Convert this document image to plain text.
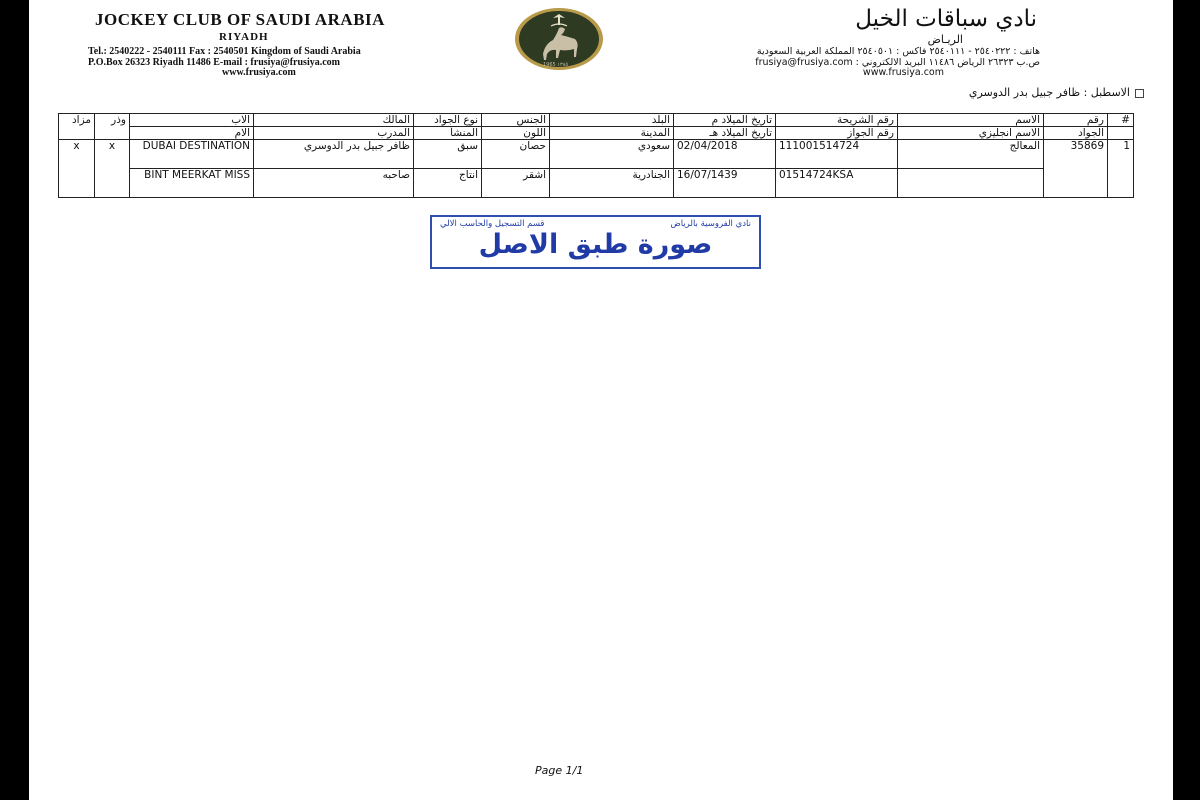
JOCKEY CLUB OF SAUDI ARABIA
RIYADH
Tel.: 2540222 - 2540111 Fax : 2540501 Kingdom of Saudi Arabia
P.O.Box 26323 Riyadh 11486 E-mail : frusiya@frusiya.com
www.frusiya.com
1965 ١٣٨٥
نادي سباقات الخيل
الريـاض
هاتف : ٢٥٤٠٢٢٢ - ٢٥٤٠١١١ فاكس : ٢٥٤٠٥٠١ المملكة العربية السعودية
ص.ب ٢٦٣٢٣ الرياض ١١٤٨٦ البريد الالكتروني : frusiya@frusiya.com
www.frusiya.com
الاسطبل : ظافر جبيل بدر الدوسري
#	رقم	الاسم	رقم الشريحة	تاريخ الميلاد م	البلد	الجنس	نوع الجواد	المالك	الاب	وذر	مزاد
	الجواد	الاسم انجليزي	رقم الجواز	تاريخ الميلاد هـ	المدينة	اللون	المنشأ	المدرب	الام		
1	35869	المعالج	111001514724	02/04/2018	سعودي	حصان	سبق	ظافر جبيل بدر الدوسري	DUBAI DESTINATION	x	x
			01514724KSA	16/07/1439	الجنادرية	اشقر	انتاج	صاحبه	BINT MEERKAT MISS		
نادي الفروسية بالرياض
قسم التسجيل والحاسب الالي
صورة طبق الاصل
Page 1/1
